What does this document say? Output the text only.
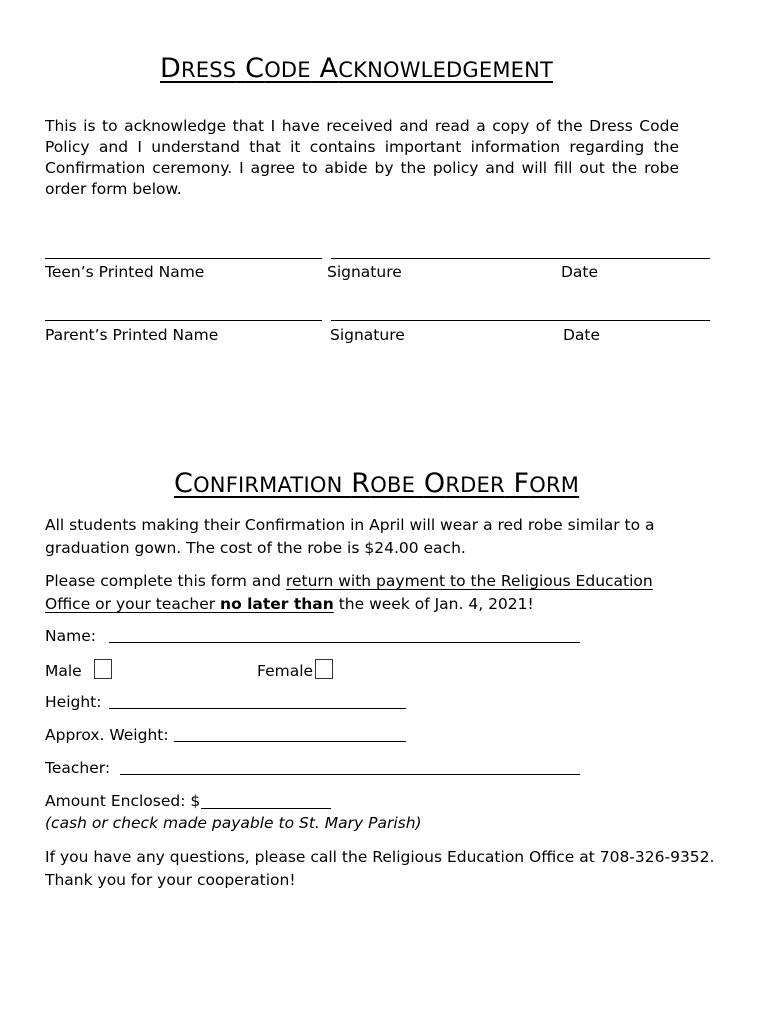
DRESS CODE ACKNOWLEDGEMENT
This is to acknowledge that I have received and read a copy of the Dress Code Policy and I understand that it contains important information regarding the Confirmation ceremony. I agree to abide by the policy and will fill out the robe order form below.
Teen’s Printed Name	Signature	Date
Parent’s Printed Name	Signature	Date
CONFIRMATION ROBE ORDER FORM
All students making their Confirmation in April will wear a red robe similar to a graduation gown. The cost of the robe is $24.00 each.
Please complete this form and return with payment to the Religious Education Office or your teacher no later than the week of Jan. 4, 2021!
Name:
Male	Female
Height:
Approx. Weight:
Teacher:
Amount Enclosed: $
(cash or check made payable to St. Mary Parish)
If you have any questions, please call the Religious Education Office at 708-326-9352.
Thank you for your cooperation!
